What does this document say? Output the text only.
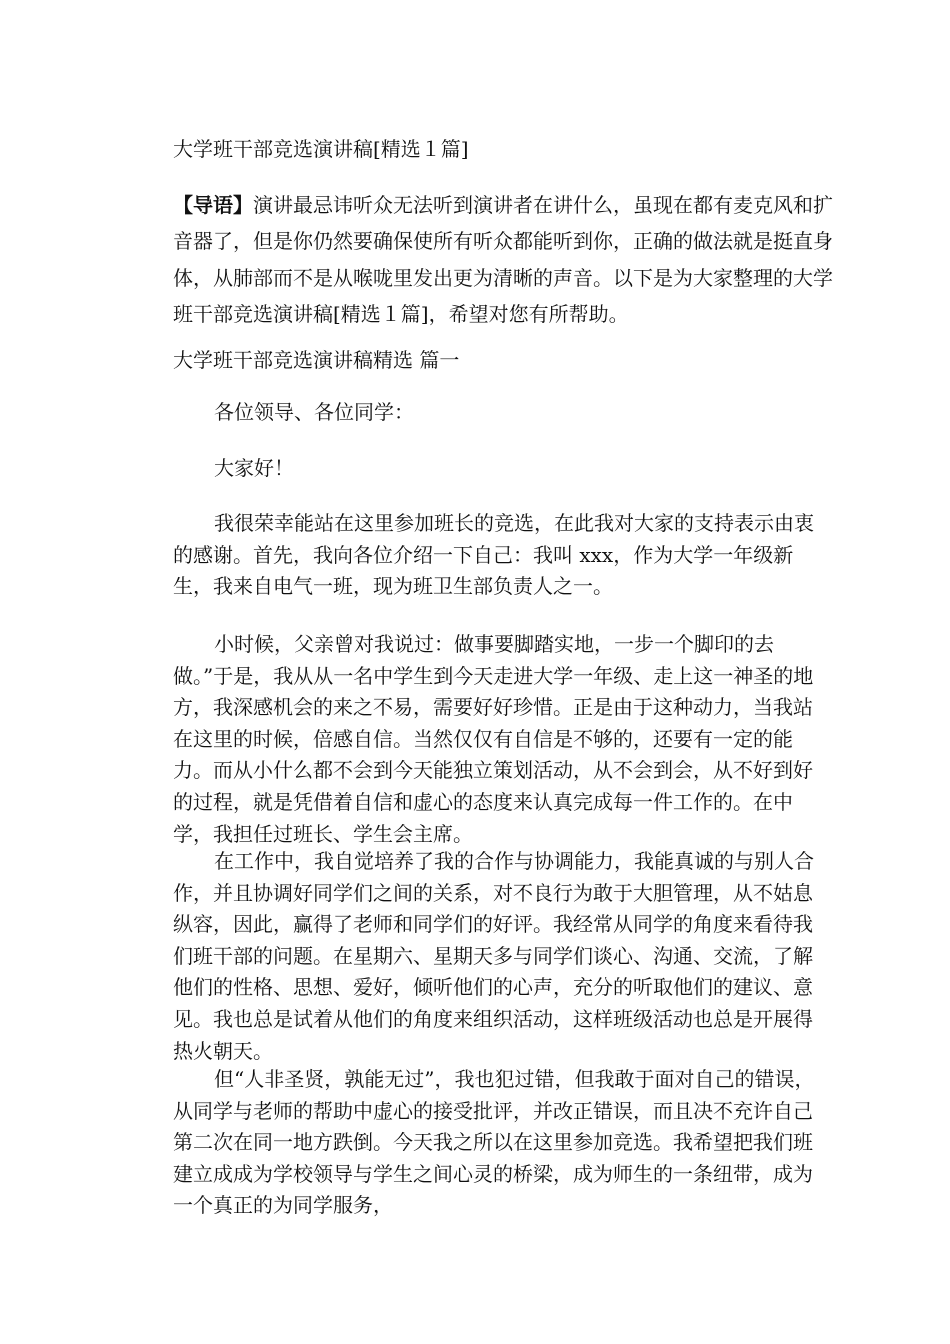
大学班干部竞选演讲稿[精选１篇]

【导语】演讲最忌讳听众无法听到演讲者在讲什么，虽现在都有麦克风和扩音器了，但是你仍然要确保使所有听众都能听到你，正确的做法就是挺直身体，从肺部而不是从喉咙里发出更为清晰的声音。以下是为大家整理的大学班干部竞选演讲稿[精选１篇]，希望对您有所帮助。

大学班干部竞选演讲稿精选 篇一
各位领导、各位同学：
大家好！

我很荣幸能站在这里参加班长的竞选，在此我对大家的支持表示由衷的感谢。首先，我向各位介绍一下自己：我叫 xxx，作为大学一年级新生，我来自电气一班，现为班卫生部负责人之一。

小时候，父亲曾对我说过：做事要脚踏实地，一步一个脚印的去做。”于是，我从从一名中学生到今天走进大学一年级、走上这一神圣的地方，我深感机会的来之不易，需要好好珍惜。正是由于这种动力，当我站在这里的时候，倍感自信。当然仅仅有自信是不够的，还要有一定的能力。而从小什么都不会到今天能独立策划活动，从不会到会，从不好到好的过程，就是凭借着自信和虚心的态度来认真完成每一件工作的。在中学，我担任过班长、学生会主席。

在工作中，我自觉培养了我的合作与协调能力，我能真诚的与别人合作，并且协调好同学们之间的关系，对不良行为敢于大胆管理，从不姑息纵容，因此，赢得了老师和同学们的好评。我经常从同学的角度来看待我们班干部的问题。在星期六、星期天多与同学们谈心、沟通、交流，了解他们的性格、思想、爱好，倾听他们的心声，充分的听取他们的建议、意见。我也总是试着从他们的角度来组织活动，这样班级活动也总是开展得热火朝天。

但“人非圣贤，孰能无过”，我也犯过错，但我敢于面对自己的错误，从同学与老师的帮助中虚心的接受批评，并改正错误，而且决不充许自己第二次在同一地方跌倒。今天我之所以在这里参加竞选。我希望把我们班建立成成为学校领导与学生之间心灵的桥梁，成为师生的一条纽带，成为一个真正的为同学服务，
